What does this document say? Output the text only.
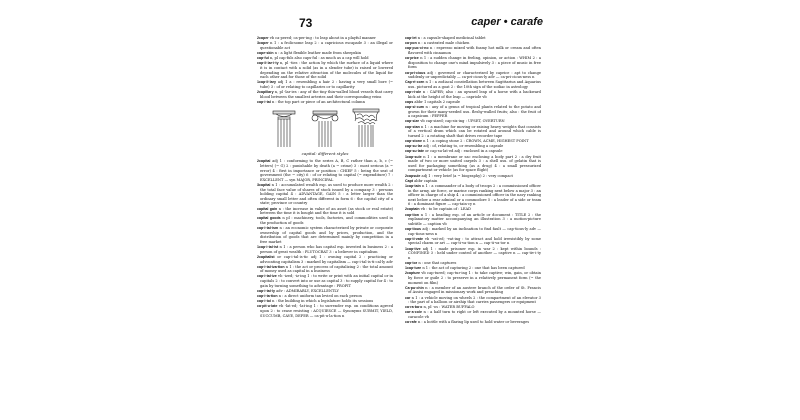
73	caper • carafe

2caper vb ca·pered; ca·per·ing : to leap about in a playful manner

3caper n 1 : a frolicsome leap 2 : a capricious escapade 3 : an illegal or questionable act

cape·skin n : a light flexible leather made from sheepskin

cap·ful n, pl cap·fuls also caps·ful : as much as a cap will hold

cap·il·lar·i·ty n, pl -ties : the action by which the surface of a liquid where it is in contact with a solid (as in a slender tube) is raised or lowered depending on the relative attraction of the molecules of the liquid for each other and for those of the solid

1cap·il·lary adj 1 a : resembling a hair 2 : having a very small bore (~ tube) 3 : of or relating to capillaries or to capillarity

2capillary n, pl -lar·ies : any of the tiny thin-walled blood vessels that carry blood between the smallest arteries and their corresponding veins

cap·i·tal n : the top part or piece of an architectural column

capital: different styles

2capital adj 1 : conforming to the series A, B, C rather than a, b, c (~ letters) (~ G) 2 : punishable by death (a ~ crime) 3 : most serious (a ~ error) 4 : first in importance or position : CHIEF 5 : being the seat of government (the ~ city) 6 : of or relating to capital (~ expenditure) 7 : EXCELLENT — syn MAJOR, PRINCIPAL

3capital n 1 : accumulated wealth esp. as used to produce more wealth 2 : the total face value of shares of stock issued by a company 3 : persons holding capital 4 : ADVANTAGE, GAIN 5 : a letter larger than the ordinary small letter and often different in form 6 : the capital city of a state; province or country

capital gain n : the increase in value of an asset (as stock or real estate) between the time it is bought and the time it is sold

capital goods n pl : machinery, tools, factories, and commodities used in the production of goods

cap·i·tal·ism n : an economic system characterized by private or corporate ownership of capital goods and by prices, production, and the distribution of goods that are determined mainly by competition in a free market

1cap·i·tal·ist n 1 : a person who has capital esp. invested in business 2 : a person of great wealth : PLUTOCRAT 3 : a believer in capitalism

2capitalist or cap·i·tal·is·tic adj 1 : owning capital 2 : practicing or advocating capitalism 3 : marked by capitalism — cap·i·tal·is·ti·cal·ly adv

cap·i·tal·iza·tion n 1 : the act or process of capitalizing 2 : the total amount of money used as capital in a business

cap·i·tal·ize vb -ized; -iz·ing 1 : to write or print with an initial capital or in capitals 2 : to convert into or use as capital 3 : to supply capital for 4 : to gain by turning something to advantage : PROFIT

cap·i·tal·ly adv : ADMIRABLY, EXCELLENTLY

cap·i·ta·tion n : a direct uniform tax levied on each person

cap·i·tol n : the building in which a legislature holds its sessions

ca·pit·u·late vb -lat·ed; -lat·ing 1 : to surrender esp. on conditions agreed upon 2 : to cease resisting : ACQUIESCE — Synonyms SUBMIT, YIELD, SUCCUMB, CAVE, DEFER — ca·pit·u·la·tion n

cap·let n : a capsule-shaped medicinal tablet

ca·pon n : a castrated male chicken

cap·puc·ci·no n : espresso mixed with foamy hot milk or cream and often flavored with cinnamon

ca·price n 1 : a sudden change in feeling, opinion, or action : WHIM 2 : a disposition to change one's mind impulsively 3 : a piece of music in free form

ca·pri·cious adj : governed or characterized by caprice : apt to change suddenly or unpredictably — ca·pri·cious·ly adv — ca·pri·cious·ness n

Cap·ri·corn n 1 : a zodiacal constellation between Sagittarius and Aquarius usu. pictured as a goat 2 : the 10th sign of the zodiac in astrology

cap·ri·ole n : CAPER; also : an upward leap of a horse with a backward kick at the height of the leap — capriole vb

caps abbr 1 capitals 2 capsule

cap·si·cum n : any of a genus of tropical plants related to the potato and grown for their many-seeded usu. fleshy-walled fruits; also : the fruit of a capsicum : PEPPER

cap·size vb cap·sized; cap·siz·ing : UPSET, OVERTURN

cap·stan n 1 : a machine for moving or raising heavy weights that consists of a vertical drum which can be rotated and around which cable is turned 2 : a rotating shaft that drives recorder tape

cap·stone n 1 : a coping stone 2 : CROWN, ACME, HIGHEST POINT

cap·su·lar adj : of, relating to, or resembling a capsule

cap·su·late or cap·su·lat·ed adj : enclosed in a capsule

1cap·sule n 1 : a membrane or sac enclosing a body part 2 : a dry fruit made of two or more united carpels 3 : a shell usu. of gelatin that is used for packaging something (as a drug) 4 : a small pressurized compartment or vehicle (as for space flight)

2capsule adj 1 : very brief (a ~ biography) 2 : very compact

Capt abbr captain

1cap·tain n 1 : a commander of a body of troops 2 : a commissioned officer in the army, air force, or marine corps ranking next below a major 3 : an officer in charge of a ship 4 : a commissioned officer in the navy ranking next below a rear admiral or a commodore 5 : a leader of a side or team 6 : a dominant figure — cap·tain·cy n

2captain vb : to be captain of : LEAD

cap·tion n 1 : a heading esp. of an article or document : TITLE 2 : the explanatory matter accompanying an illustration 3 : a motion-picture subtitle — caption vb

cap·tious adj : marked by an inclination to find fault — cap·tious·ly adv — cap·tious·ness n

cap·ti·vate vb -vat·ed; -vat·ing : to attract and hold irresistibly by some special charm or art — cap·ti·va·tion n — cap·ti·va·tor n

1cap·tive adj 1 : made prisoner esp. in war 2 : kept within bounds : CONFINED 3 : held under control of another — captive n — cap·tiv·i·ty n

cap·tor n : one that captures

1cap·ture n 1 : the act of capturing 2 : one that has been captured

2capture vb cap·tured; cap·tur·ing 1 : to take captive; win, gain, or obtain by force or guile 2 : to preserve in a relatively permanent form (~ the moment on film)

Ca·pu·chin n : a member of an austere branch of the order of St. Francis of Assisi engaged in missionary work and preaching

car n 1 : a vehicle moving on wheels 2 : the compartment of an elevator 3 : the part of a balloon or airship that carries passengers or equipment

ca·ra·ba·o n, pl -os : WATER BUFFALO

car·a·cole n : a half turn to right or left executed by a mounted horse — caracole vb

ca·rafe n : a bottle with a flaring lip used to hold water or beverages
